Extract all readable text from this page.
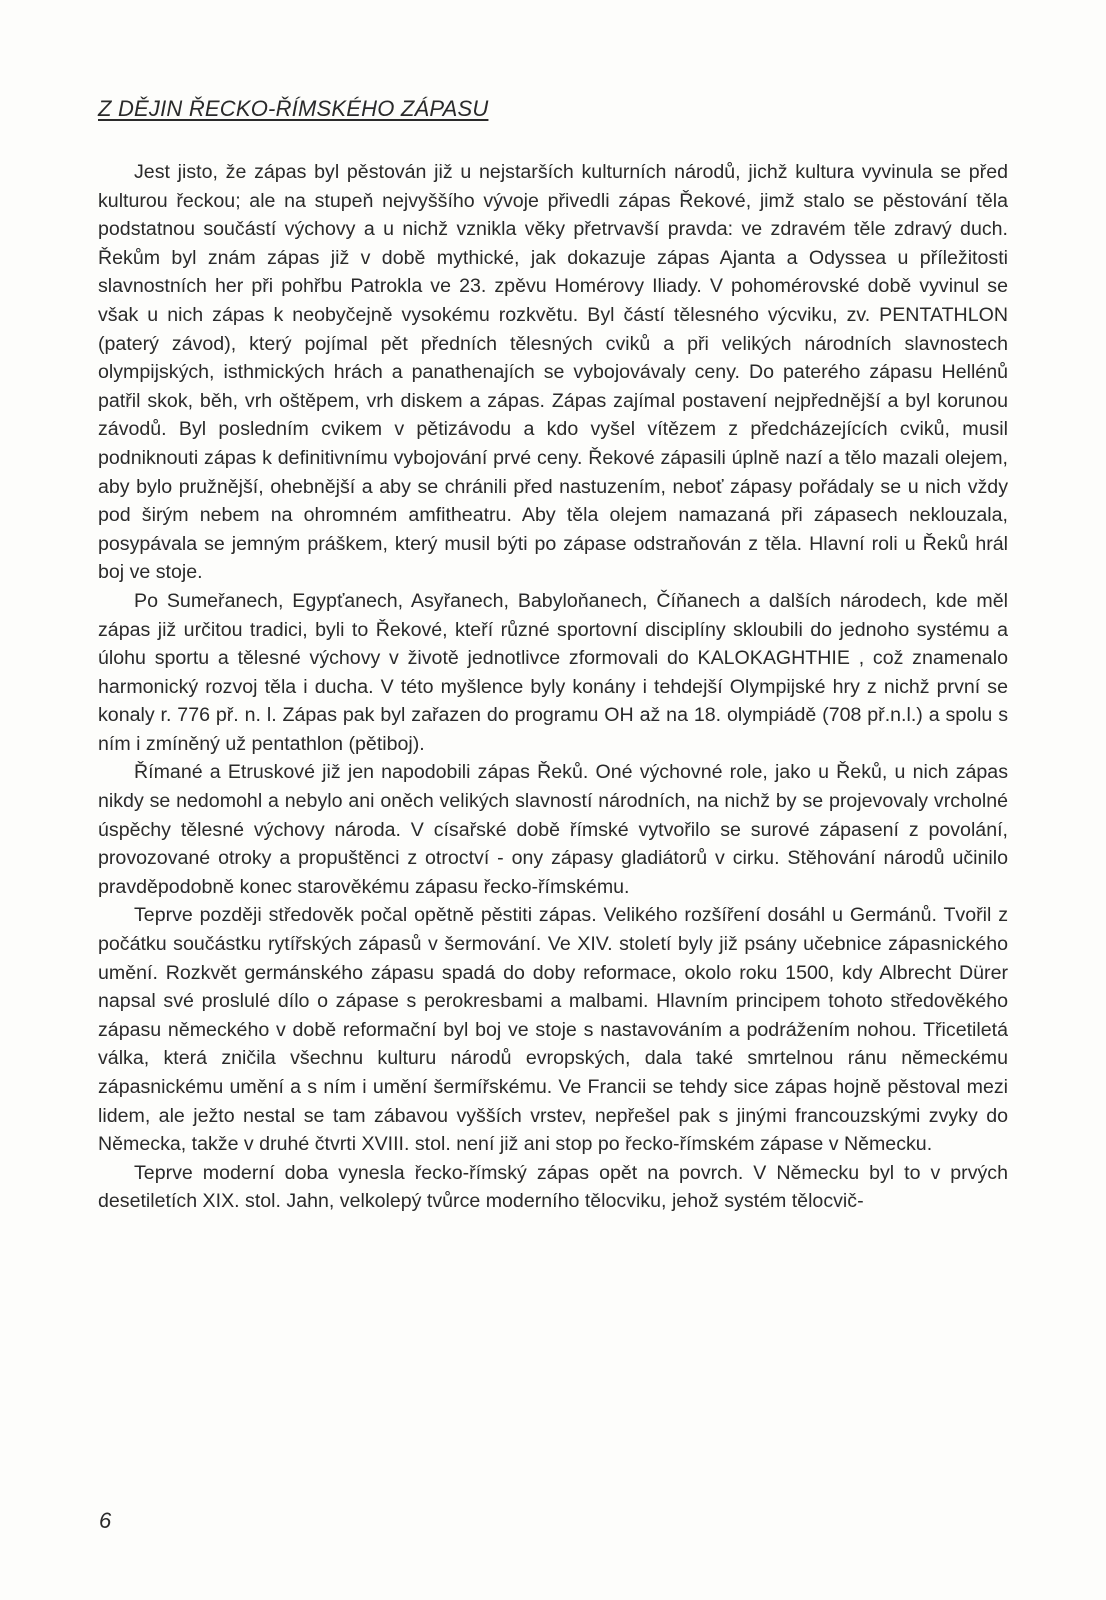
Z DĚJIN ŘECKO-ŘÍMSKÉHO ZÁPASU

Jest jisto, že zápas byl pěstován již u nejstarších kulturních národů, jichž kultura vyvinula se před kulturou řeckou; ale na stupeň nejvyššího vývoje přivedli zápas Řekové, jimž stalo se pěstování těla podstatnou součástí výchovy a u nichž vznikla věky přetrvavší pravda: ve zdravém těle zdravý duch. Řekům byl znám zápas již v době mythické, jak dokazuje zápas Ajanta a Odyssea u příležitosti slavnostních her při pohřbu Patrokla ve 23. zpěvu Homérovy Iliady. V pohomérovské době vyvinul se však u nich zápas k neobyčejně vysokému rozkvětu. Byl částí tělesného výcviku, zv. PENTATHLON (paterý závod), který pojímal pět předních tělesných cviků a při velikých národních slavnostech olympijských, isthmických hrách a panathenajích se vybojovávaly ceny. Do paterého zápasu Hellénů patřil skok, běh, vrh oštěpem, vrh diskem a zápas. Zápas zajímal postavení nejpřednější a byl korunou závodů. Byl posledním cvikem v pětizávodu a kdo vyšel vítězem z předcházejících cviků, musil podniknouti zápas k definitivnímu vybojování prvé ceny. Řekové zápasili úplně nazí a tělo mazali olejem, aby bylo pružnější, ohebnější a aby se chránili před nastuzením, neboť zápasy pořádaly se u nich vždy pod širým nebem na ohromném amfitheatru. Aby těla olejem namazaná při zápasech neklouzala, posypávala se jemným práškem, který musil býti po zápase odstraňován z těla. Hlavní roli u Řeků hrál boj ve stoje.

Po Sumeřanech, Egypťanech, Asyřanech, Babyloňanech, Číňanech a dalších národech, kde měl zápas již určitou tradici, byli to Řekové, kteří různé sportovní disciplíny skloubili do jednoho systému a úlohu sportu a tělesné výchovy v životě jednotlivce zformovali do KALOKAGHTHIE , což znamenalo harmonický rozvoj těla i ducha. V této myšlence byly konány i tehdejší Olympijské hry z nichž první se konaly r. 776 př. n. l. Zápas pak byl zařazen do programu OH až na 18. olympiádě (708 př.n.l.) a spolu s ním i zmíněný už pentathlon (pětiboj).

Římané a Etruskové již jen napodobili zápas Řeků. Oné výchovné role, jako u Řeků, u nich zápas nikdy se nedomohl a nebylo ani oněch velikých slavností národních, na nichž by se projevovaly vrcholné úspěchy tělesné výchovy národa. V císařské době římské vytvořilo se surové zápasení z povolání, provozované otroky a propuštěnci z otroctví - ony zápasy gladiátorů v cirku. Stěhování národů učinilo pravděpodobně konec starověkému zápasu řecko-římskému.

Teprve později středověk počal opětně pěstiti zápas. Velikého rozšíření dosáhl u Germánů. Tvořil z počátku součástku rytířských zápasů v šermování. Ve XIV. století byly již psány učebnice zápasnického umění. Rozkvět germánského zápasu spadá do doby reformace, okolo roku 1500, kdy Albrecht Dürer napsal své proslulé dílo o zápase s perokresbami a malbami. Hlavním principem tohoto středověkého zápasu německého v době reformační byl boj ve stoje s nastavováním a podrážením nohou. Třicetiletá válka, která zničila všechnu kulturu národů evropských, dala také smrtelnou ránu německému zápasnickému umění a s ním i umění šermířskému. Ve Francii se tehdy sice zápas hojně pěstoval mezi lidem, ale ježto nestal se tam zábavou vyšších vrstev, nepřešel pak s jinými francouzskými zvyky do Německa, takže v druhé čtvrti XVIII. stol. není již ani stop po řecko-římském zápase v Německu.

Teprve moderní doba vynesla řecko-římský zápas opět na povrch. V Německu byl to v prvých desetiletích XIX. stol. Jahn, velkolepý tvůrce moderního tělocviku, jehož systém tělocvič-

6
